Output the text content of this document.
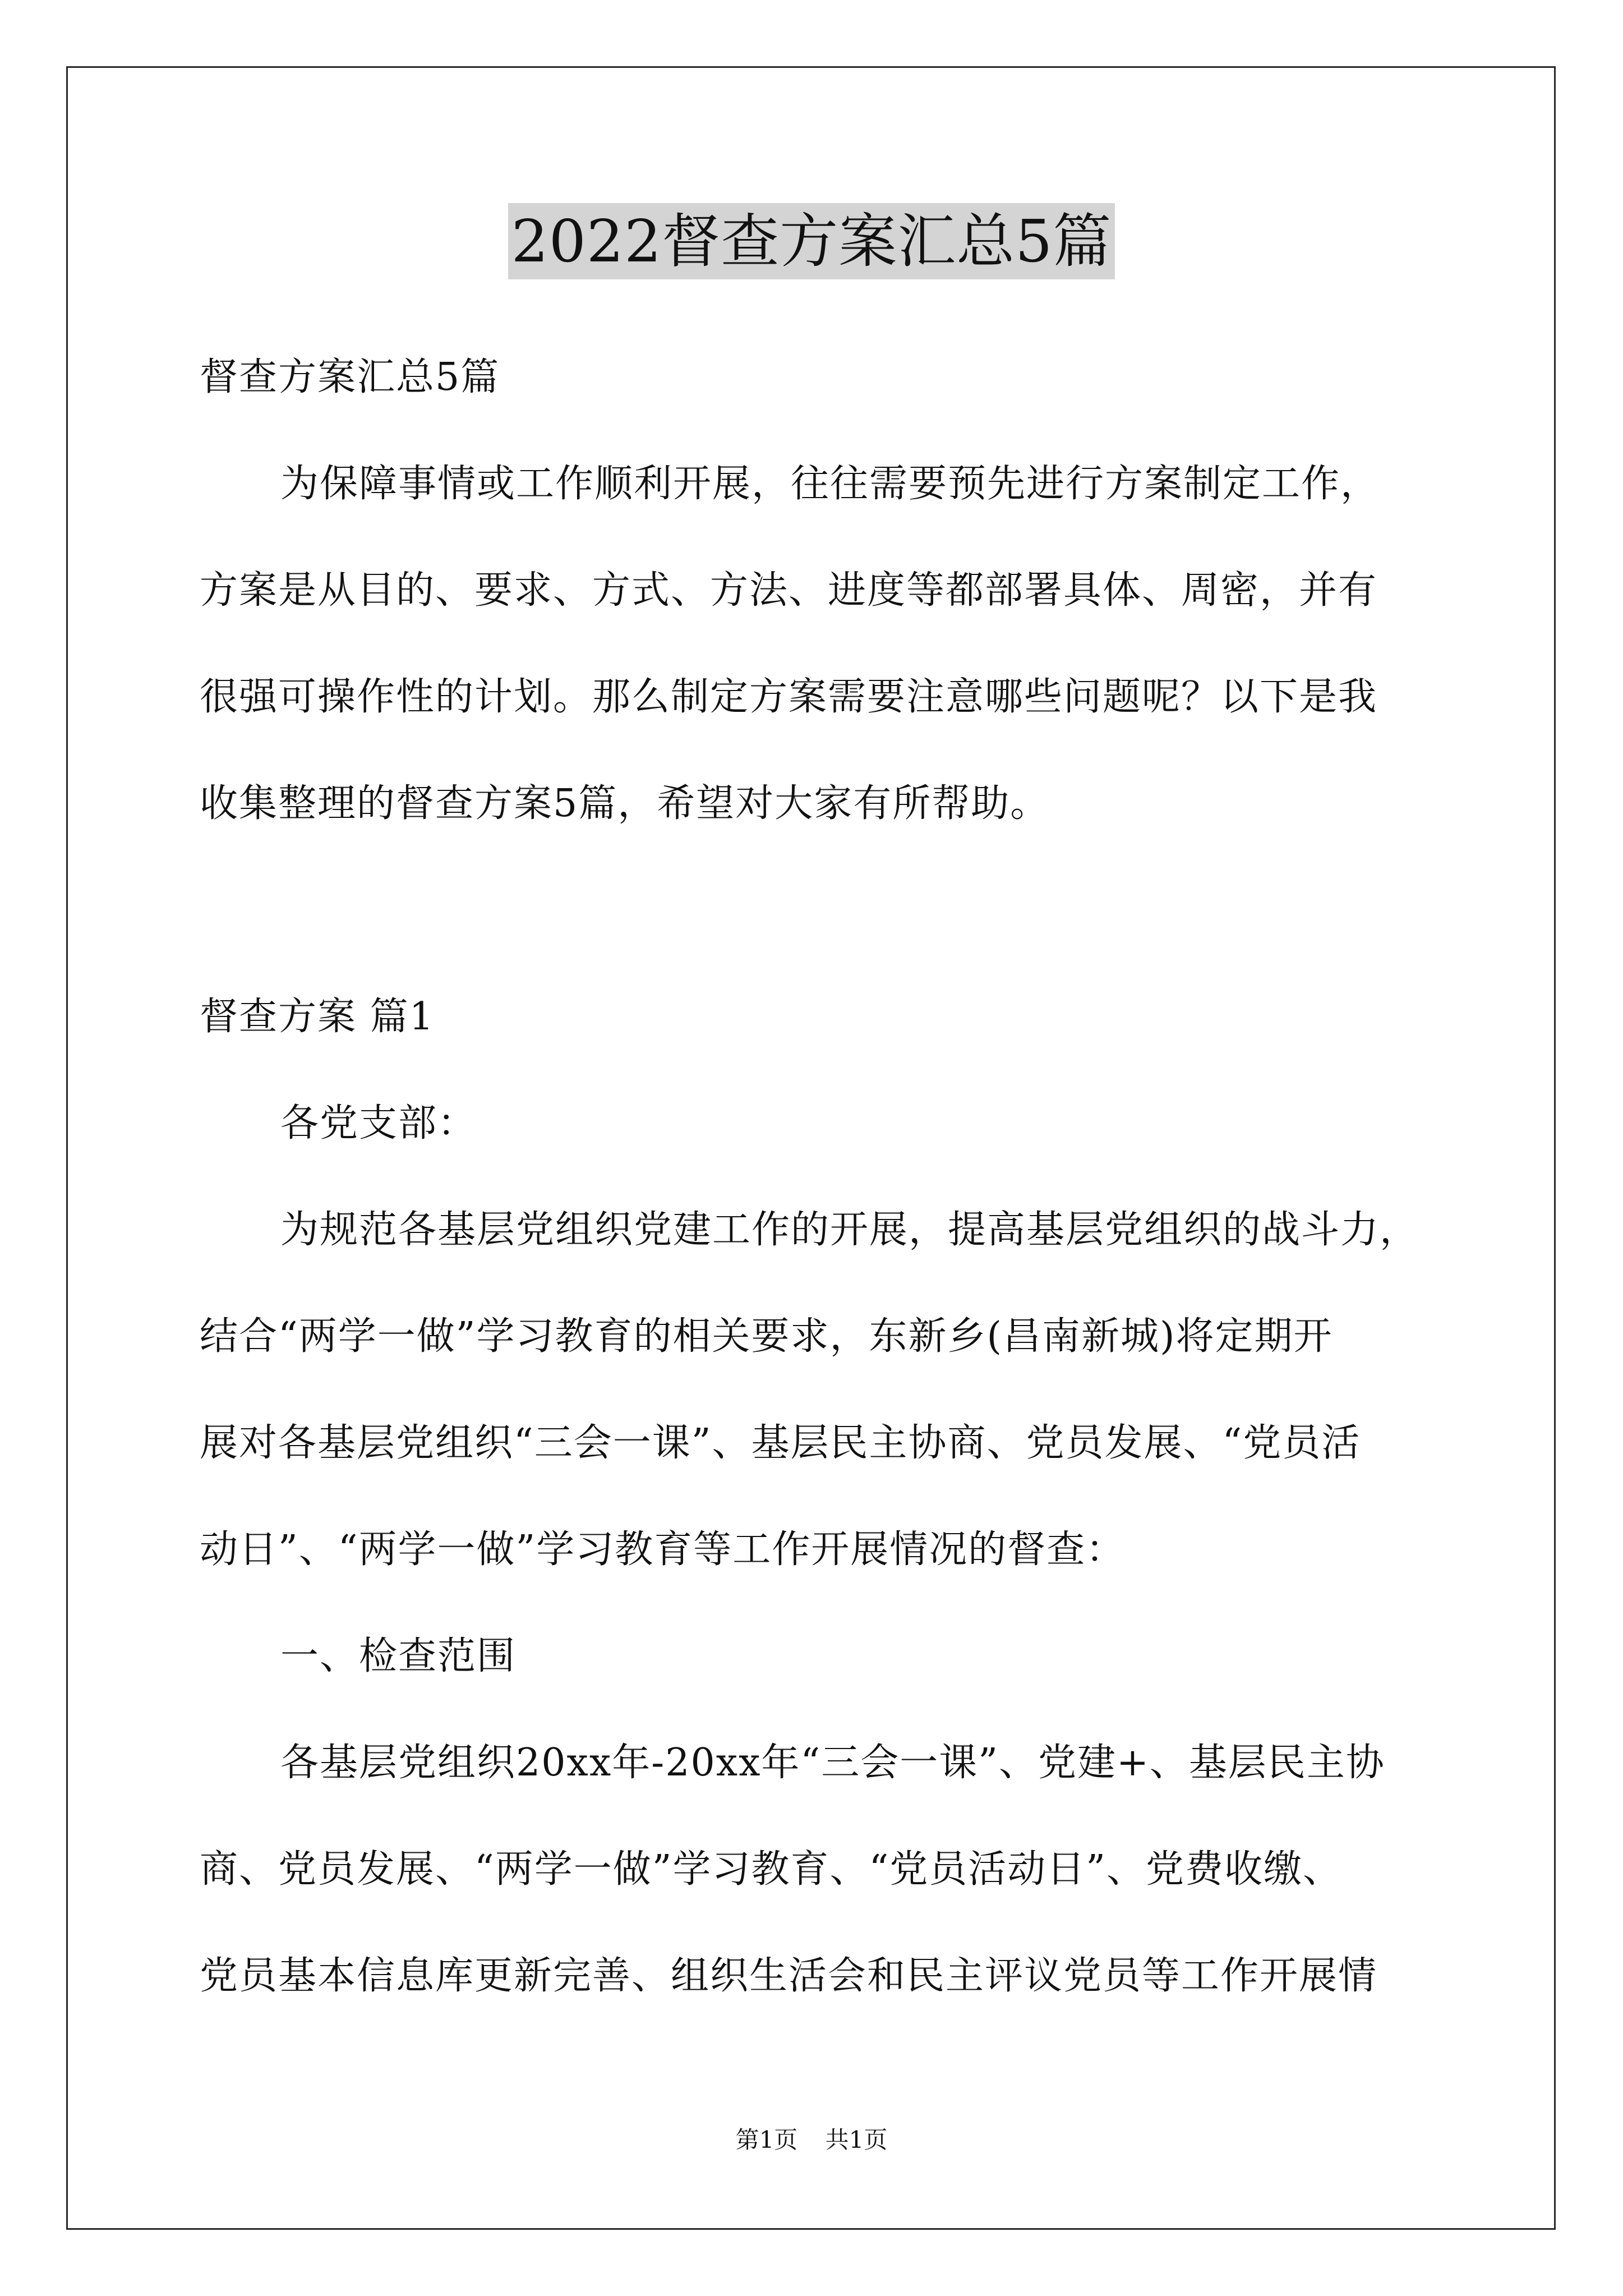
2022督查方案汇总5篇
督查方案汇总5篇
为保障事情或工作顺利开展，往往需要预先进行方案制定工作，
方案是从目的、要求、方式、方法、进度等都部署具体、周密，并有
很强可操作性的计划。那么制定方案需要注意哪些问题呢？以下是我
收集整理的督查方案5篇，希望对大家有所帮助。
督查方案 篇1
各党支部：
为规范各基层党组织党建工作的开展，提高基层党组织的战斗力，
结合“两学一做”学习教育的相关要求，东新乡(昌南新城)将定期开
展对各基层党组织“三会一课”、基层民主协商、党员发展、“党员活
动日”、“两学一做”学习教育等工作开展情况的督查：
一、检查范围
各基层党组织20xx年-20xx年“三会一课”、党建+、基层民主协
商、党员发展、“两学一做”学习教育、“党员活动日”、党费收缴、
党员基本信息库更新完善、组织生活会和民主评议党员等工作开展情
第1页 共1页
